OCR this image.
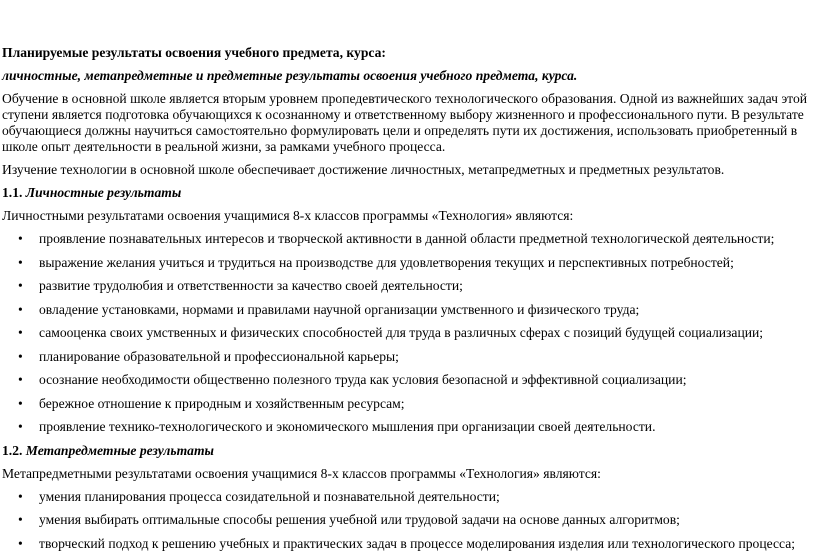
Планируемые результаты освоения учебного предмета, курса:

личностные, метапредметные и предметные результаты освоения учебного предмета, курса.

Обучение в основной школе является вторым уровнем пропедевтического технологического образования. Одной из важнейших задач этой ступени является подготовка обучающихся к осознанному и ответственному выбору жизненного и профессионального пути. В результате обучающиеся должны научиться самостоятельно формулировать цели и определять пути их достижения, использовать приобретенный в школе опыт деятельности в реальной жизни, за рамками учебного процесса.

Изучение технологии в основной школе обеспечивает достижение личностных, метапредметных и предметных результатов.

1.1. Личностные результаты

Личностными результатами освоения учащимися 8-х классов программы «Технология» являются:

• проявление познавательных интересов и творческой активности в данной области предметной технологической деятельности;
• выражение желания учиться и трудиться на производстве для удовлетворения текущих и перспективных потребностей;
• развитие трудолюбия и ответственности за качество своей деятельности;
• овладение установками, нормами и правилами научной организации умственного и физического труда;
• самооценка своих умственных и физических способностей для труда в различных сферах с позиций будущей социализации;
• планирование образовательной и профессиональной карьеры;
• осознание необходимости общественно полезного труда как условия безопасной и эффективной социализации;
• бережное отношение к природным и хозяйственным ресурсам;
• проявление технико-технологического и экономического мышления при организации своей деятельности.

1.2. Метапредметные результаты

Метапредметными результатами освоения учащимися 8-х классов программы «Технология» являются:

• умения планирования процесса созидательной и познавательной деятельности;
• умения выбирать оптимальные способы решения учебной или трудовой задачи на основе данных алгоритмов;
• творческий подход к решению учебных и практических задач в процессе моделирования изделия или технологического процесса;
